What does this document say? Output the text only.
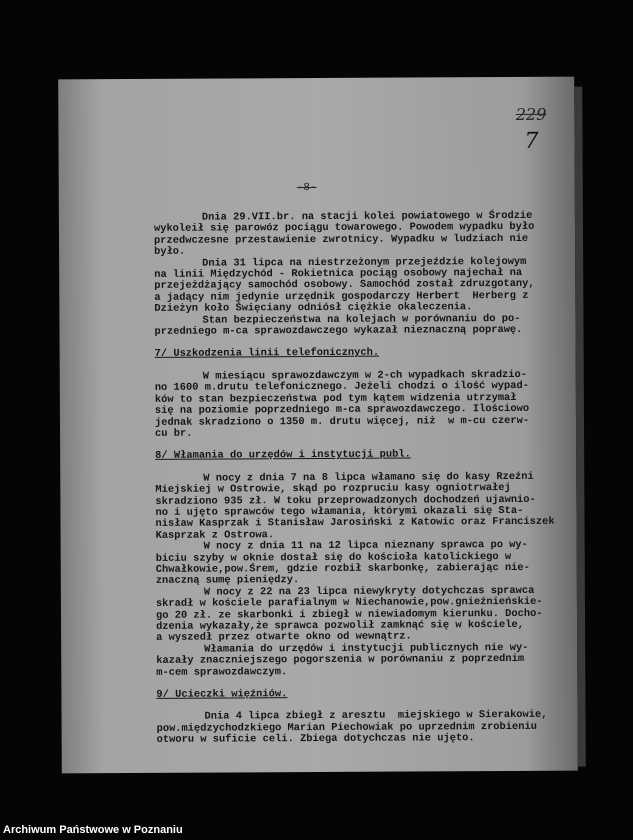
229
7
-8-
Dnia 29.VII.br. na stacji kolei powiatowego w Środzie
wykoleił się parowóz pociągu towarowego. Powodem wypadku było
przedwczesne przestawienie zwrotnicy. Wypadku w ludziach nie
było.
Dnia 31 lipca na niestrzeżonym przejeździe kolejowym
na linii Międzychód - Rokietnica pociąg osobowy najechał na
przejeżdżający samochód osobowy. Samochód został zdruzgotany,
a jadący nim jedynie urzędnik gospodarczy Herbert  Herberg z
Dzieżyn koło Święciany odniósł ciężkie okaleczenia.
Stan bezpieczeństwa na kolejach w porównaniu do po-
przedniego m-ca sprawozdawczego wykazał nieznaczną poprawę.
7/ Uszkodzenia linii telefonicznych.
W miesiącu sprawozdawczym w 2-ch wypadkach skradzio-
no 1600 m.drutu telefonicznego. Jeżeli chodzi o ilość wypad-
ków to stan bezpieczeństwa pod tym kątem widzenia utrzymał
się na poziomie poprzedniego m-ca sprawozdawczego. Ilościowo
jednak skradziono o 1350 m. drutu więcej, niż  w m-cu czerw-
cu br.
8/ Włamania do urzędów i instytucji publ.
W nocy z dnia 7 na 8 lipca włamano się do kasy Rzeźni
Miejskiej w Ostrowie, skąd po rozpruciu kasy ogniotrwałej
skradziono 935 zł. W toku przeprowadzonych dochodzeń ujawnio-
no i ujęto sprawców tego włamania, którymi okazali się Sta-
nisław Kasprzak i Stanisław Jarosiński z Katowic oraz Franciszek
Kasprzak z Ostrowa.
W nocy z dnia 11 na 12 lipca nieznany sprawca po wy-
biciu szyby w oknie dostał się do kościoła katolickiego w
Chwałkowie,pow.Śrem, gdzie rozbił skarbonkę, zabierając nie-
znaczną sumę pieniędzy.
W nocy z 22 na 23 lipca niewykryty dotychczas sprawca
skradł w kościele parafialnym w Niechanowie,pow.gnieźnieńskie-
go 20 zł. ze skarbonki i zbiegł w niewiadomym kierunku. Docho-
dzenia wykazały,że sprawca pozwolił zamknąć się w kościele,
a wyszedł przez otwarte okno od wewnątrz.
Włamania do urzędów i instytucji publicznych nie wy-
kazały znaczniejszego pogorszenia w porównaniu z poprzednim
m-cem sprawozdawczym.
9/ Ucieczki więźniów.
Dnia 4 lipca zbiegł z aresztu  miejskiego w Sierakowie,
pow.międzychodzkiego Marian Piechowiak po uprzednim zrobieniu
otworu w suficie celi. Zbiega dotychczas nie ujęto.
Archiwum Państwowe w Poznaniu
